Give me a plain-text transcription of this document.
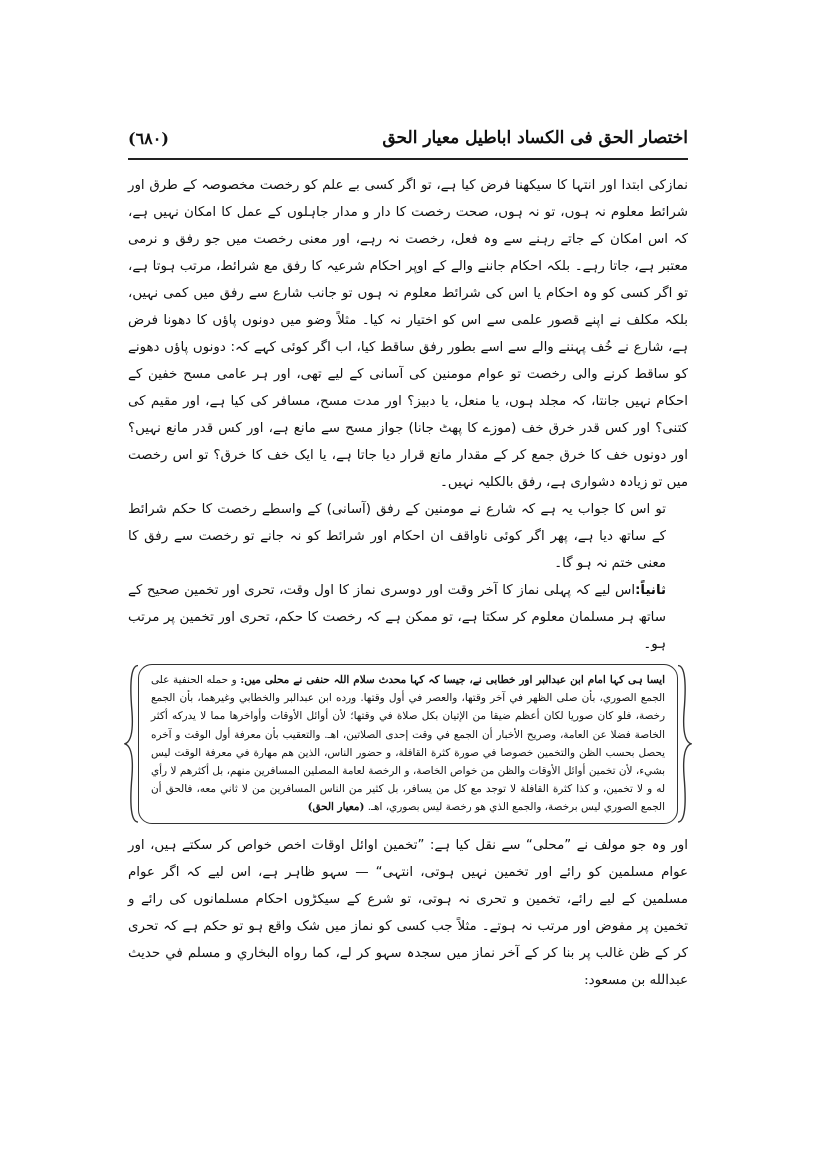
اختصار الحق فی الکساد اباطیل معیار الحق
(٦٨٠)

نمازکی ابتدا اور انتہا کا سیکھنا فرض کیا ہے، تو اگر کسی بے علم کو رخصت مخصوصہ کے طرق اور شرائط معلوم نہ ہوں، تو نہ ہوں، صحت رخصت کا دار و مدار جاہلوں کے عمل کا امکان نہیں ہے، کہ اس امکان کے جاتے رہنے سے وہ فعل، رخصت نہ رہے، اور معنی رخصت میں جو رفق و نرمی معتبر ہے، جاتا رہے۔ بلکہ احکام جاننے والے کے اوپر احکام شرعیہ کا رفق مع شرائط، مرتب ہوتا ہے، تو اگر کسی کو وہ احکام یا اس کی شرائط معلوم نہ ہوں تو جانب شارع سے رفق میں کمی نہیں، بلکہ مکلف نے اپنے قصور علمی سے اس کو اختیار نہ کیا۔ مثلاً وضو میں دونوں پاؤں کا دھونا فرض ہے، شارع نے خُف پہننے والے سے اسے بطور رفق ساقط کیا، اب اگر کوئی کہے کہ: دونوں پاؤں دھونے کو ساقط کرنے والی رخصت تو عوام مومنین کی آسانی کے لیے تھی، اور ہر عامی مسح خفین کے احکام نہیں جانتا، کہ مجلد ہوں، یا منعل، یا دبیز؟ اور مدت مسح، مسافر کی کیا ہے، اور مقیم کی کتنی؟ اور کس قدر خرق خف (موزے کا پھٹ جانا) جواز مسح سے مانع ہے، اور کس قدر مانع نہیں؟ اور دونوں خف کا خرق جمع کر کے مقدار مانع قرار دیا جاتا ہے، یا ایک خف کا خرق؟ تو اس رخصت میں تو زیادہ دشواری ہے، رفق بالکلیہ نہیں۔

تو اس کا جواب یہ ہے کہ شارع نے مومنین کے رفق (آسانی) کے واسطے رخصت کا حکم شرائط کے ساتھ دیا ہے، پھر اگر کوئی ناواقف ان احکام اور شرائط کو نہ جانے تو رخصت سے رفق کا معنی ختم نہ ہو گا۔

ثانیاً:اس لیے کہ پہلی نماز کا آخر وقت اور دوسری نماز کا اول وقت، تحری اور تخمین صحیح کے ساتھ ہر مسلمان معلوم کر سکتا ہے، تو ممکن ہے کہ رخصت کا حکم، تحری اور تخمین پر مرتب ہو۔

ایسا ہی کہا امام ابن عبدالبر اور خطابی نے، جیسا کہ کہا محدث سلام اللہ حنفی نے محلی میں: و حمله الحنفية على الجمع الصوري، بأن صلى الظهر في آخر وقتها، والعصر في أول وقتها. ورده ابن عبدالبر والخطابي وغيرهما، بأن الجمع رخصة، فلو كان صوريا لكان أعظم ضيقا من الإتيان بكل صلاة في وقتها؛ لأن أوائل الأوقات وأواخرها مما لا يدركه أكثر الخاصة فضلا عن العامة، وصريح الأخبار أن الجمع في وقت إحدى الصلاتين، اهـ. والتعقيب بأن معرفة أول الوقت و آخره يحصل بحسب الظن والتخمين خصوصا في صورة كثرة القافلة، و حضور الناس، الذين هم مهارة في معرفة الوقت ليس بشيء، لأن تخمين أوائل الأوقات والظن من خواص الخاصة، و الرخصة لعامة المصلين المسافرين منهم، بل أكثرهم لا رأي له و لا تخمين، و كذا كثرة القافلة لا توجد مع كل من يسافر، بل كثير من الناس المسافرين من لا ثاني معه، فالحق أن الجمع الصوري ليس برخصة، والجمع الذي هو رخصة ليس بصوري، اهـ. (معیار الحق)

اور وہ جو مولف نے ”محلی“ سے نقل کیا ہے: ”تخمین اوائل اوقات اخص خواص کر سکتے ہیں، اور عوام مسلمین کو رائے اور تخمین نہیں ہوتی، انتہی“ — سہو ظاہر ہے، اس لیے کہ اگر عوام مسلمین کے لیے رائے، تخمین و تحری نہ ہوتی، تو شرع کے سیکڑوں احکام مسلمانوں کی رائے و تخمین پر مفوض اور مرتب نہ ہوتے۔ مثلاً جب کسی کو نماز میں شک واقع ہو تو حکم ہے کہ تحری کر کے ظن غالب پر بنا کر کے آخر نماز میں سجدہ سہو کر لے، كما رواه البخاري و مسلم في حديث عبدالله بن مسعود:
